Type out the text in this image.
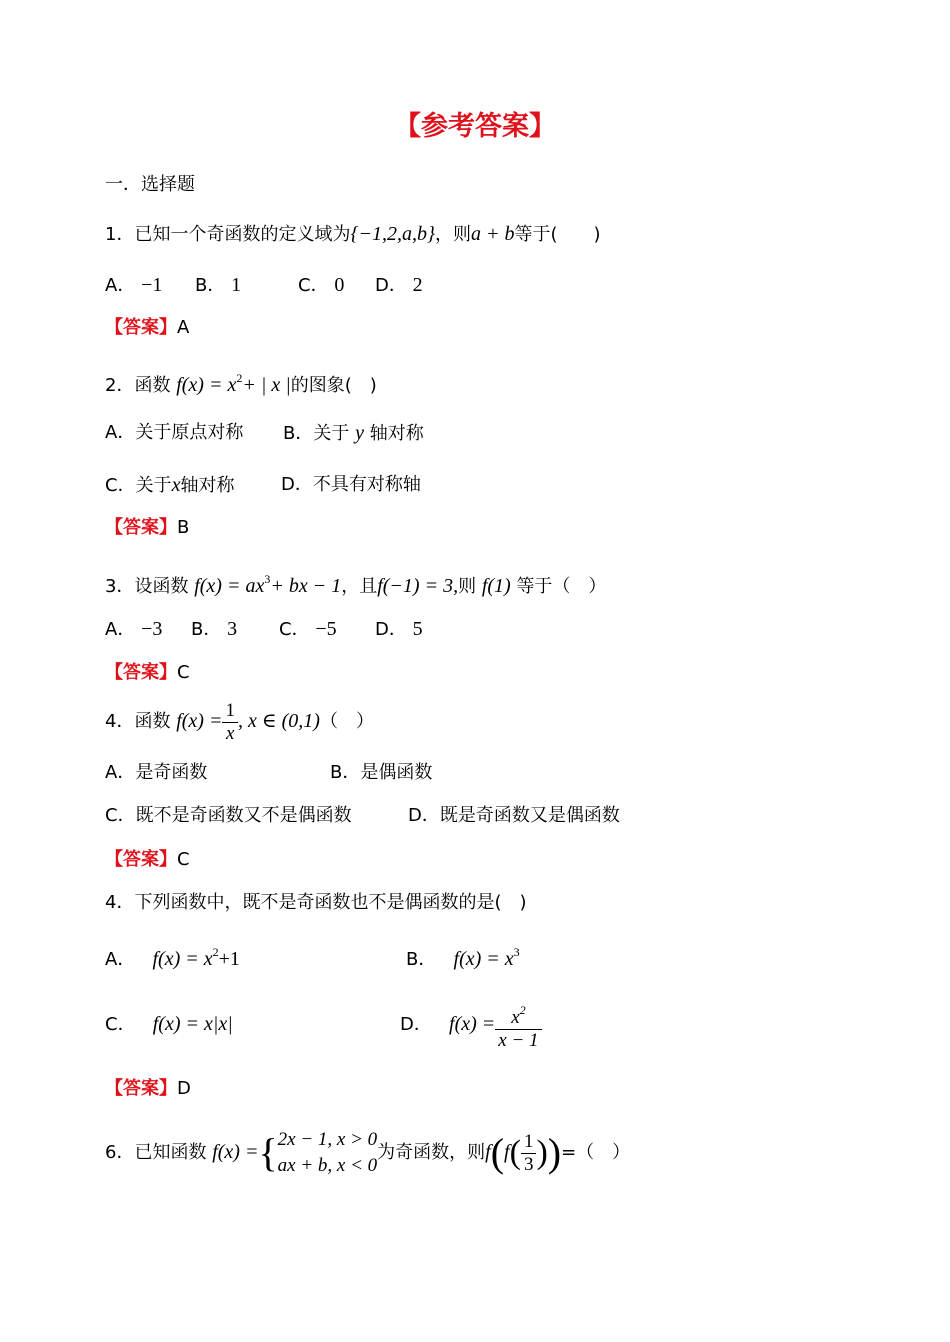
【参考答案】
一．选择题
1．已知一个奇函数的定义域为{−1,2,a,b}，则a + b等于(　　)
A． −1 B． 1	C． 0 D． 2
【答案】A
2．函数 $f(x) = x^2+$ | x |的图象(　)
A．关于原点对称 B．关于 y 轴对称
C．关于x轴对称	D．不具有对称轴
【答案】B
3．设函数 $f(x) = ax^3+$ bx − 1，且f(−1) = 3,则 f(1) 等于（　）
A． −3 B． 3 C． −5 D． 5
【答案】C
4．函数 $f(x) = \frac{1}{x}$ , x ∈ (0,1)（　）
A．是奇函数	B．是偶函数
C．既不是奇函数又不是偶函数	D．既是奇函数又是偶函数
【答案】C
4．下列函数中，既不是奇函数也不是偶函数的是(　)
A． $f(x) = x^2+1$	B． $f(x) = x^3$
C． f(x) = x|x|	D． $f(x) = \frac{x^2}{x - 1}$
【答案】D
6．已知函数 f(x) ={ 2x − 1, x > 0
ax + b, x < 0
为奇函数，则$f(f( \frac{1}{3}$ ))=（　）
